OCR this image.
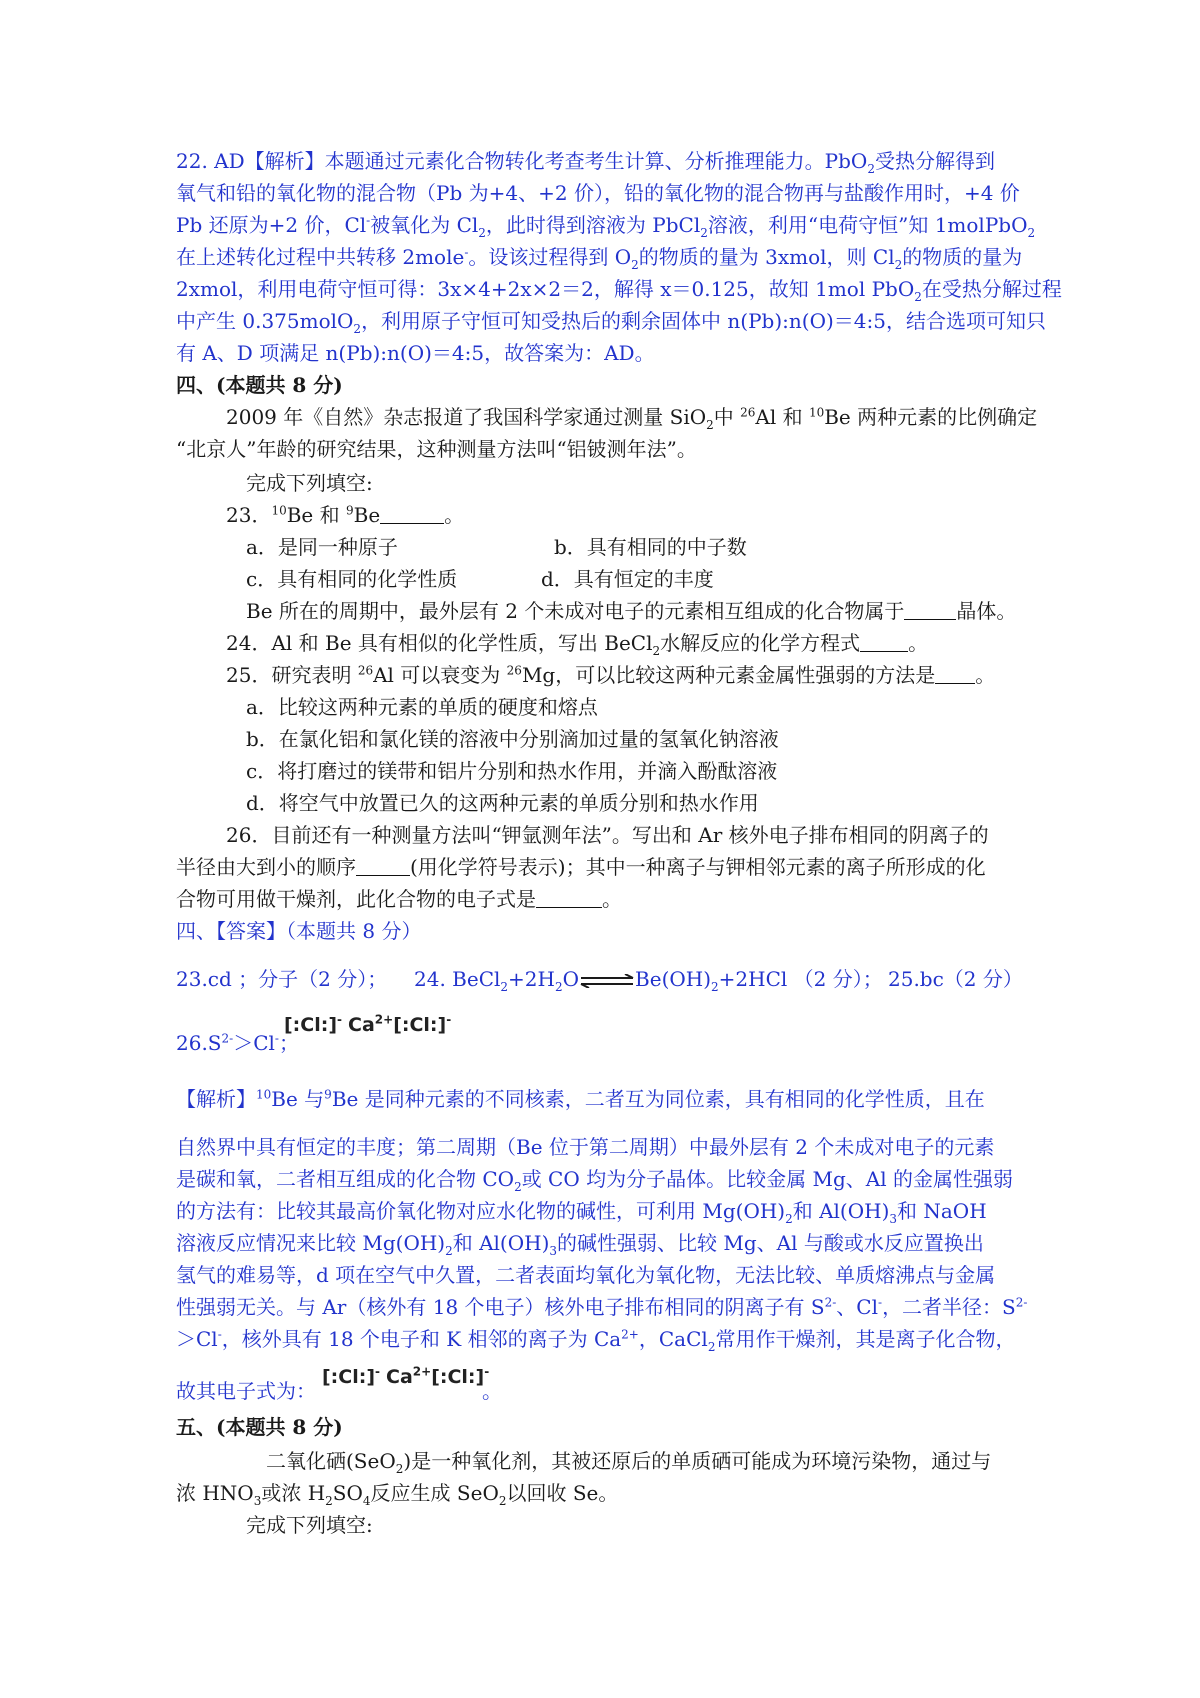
22. AD【解析】本题通过元素化合物转化考查考生计算、分析推理能力。PbO$_2$受热分解得到
氧气和铅的氧化物的混合物（Pb 为+4、+2 价），铅的氧化物的混合物再与盐酸作用时，+4 价
Pb 还原为+2 价，Cl-被氧化为 $Cl_2$，此时得到溶液为 PbCl$_2$溶液，利用“电荷守恒”知 1molPbO$_2$
在上述转化过程中共转移 2mole-。设该过程得到 $O_2$的物质的量为 3xmol，则 $Cl_2$的物质的量为
2xmol，利用电荷守恒可得：3x×4+2x×2＝2，解得 x＝0.125，故知 1mol PbO$_2$在受热分解过程
中产生 0.375molO$_2$，利用原子守恒可知受热后的剩余固体中 n(Pb):n(O)＝4:5，结合选项可知只
有 A、D 项满足 n(Pb):n(O)＝4:5，故答案为：AD。
四、(本题共 8 分)
2009 年《自然》杂志报道了我国科学家通过测量 SiO$_2$中 $^{26}$Al 和 $^{10}$Be 两种元素的比例确定
“北京人”年龄的研究结果，这种测量方法叫“铝铍测年法”。
完成下列填空:
23．$^{10}$Be 和 $^9$Be	。
a．是同一种原子	b．具有相同的中子数
c．具有相同的化学性质	d．具有恒定的丰度
Be 所在的周期中，最外层有 2 个未成对电子的元素相互组成的化合物属于	晶体。
24．Al 和 Be 具有相似的化学性质，写出 BeCl$_2$水解反应的化学方程式 。
25．研究表明 $^{26}$Al 可以衰变为 $^{26}$Mg，可以比较这两种元素金属性强弱的方法是 。
a．比较这两种元素的单质的硬度和熔点
b．在氯化铝和氯化镁的溶液中分别滴加过量的氢氧化钠溶液
c．将打磨过的镁带和铝片分别和热水作用，并滴入酚酞溶液
d．将空气中放置已久的这两种元素的单质分别和热水作用
26．目前还有一种测量方法叫“钾氩测年法”。写出和 Ar 核外电子排布相同的阴离子的
半径由大到小的顺序	(用化学符号表示)；其中一种离子与钾相邻元素的离子所形成的化
合物可用做干燥剂，此化合物的电子式是	。
四、【答案】（本题共 8 分）
23.cd ；分子（2 分）； 24. $BeCl_2+2H_2O\rightleftharpoons Be(OH)_2+2HCl$ （2 分）； 25.bc（2 分）
$26.S^{2-}>Cl^-$；
[:Cl:]- $Ca^{2+}[:Cl:]^-$
【解析】$^{10}$Be 与$^9$Be 是同种元素的不同核素，二者互为同位素，具有相同的化学性质，且在
自然界中具有恒定的丰度；第二周期（Be 位于第二周期）中最外层有 2 个未成对电子的元素
是碳和氧，二者相互组成的化合物 $CO_2$或 CO 均为分子晶体。比较金属 Mg、Al 的金属性强弱
的方法有：比较其最高价氧化物对应水化物的碱性，可利用 $Mg(OH)_2$和 $Al(OH)_3$和 NaOH
溶液反应情况来比较 $Mg(OH)_2$和 $Al(OH)_3$的碱性强弱、比较 Mg、Al 与酸或水反应置换出
氢气的难易等，d 项在空气中久置，二者表面均氧化为氧化物，无法比较、单质熔沸点与金属
性强弱无关。与 Ar（核外有 18 个电子）核外电子排布相同的阴离子有 $S^{2-}$、Cl-，二者半径：$S^{2-}$
＞Cl-，核外具有 18 个电子和 K 相邻的离子为 $Ca^{2+}$，CaCl$_2$常用作干燥剂，其是离子化合物，
故其电子式为：
[:Cl:]- $Ca^{2+}[:Cl:]^-$
。
五、(本题共 8 分)
二氧化硒(SeO$_2$)是一种氧化剂，其被还原后的单质硒可能成为环境污染物，通过与
浓 $HNO_3$或浓 $H_2SO_4$反应生成 SeO$_2$以回收 Se。
完成下列填空:
